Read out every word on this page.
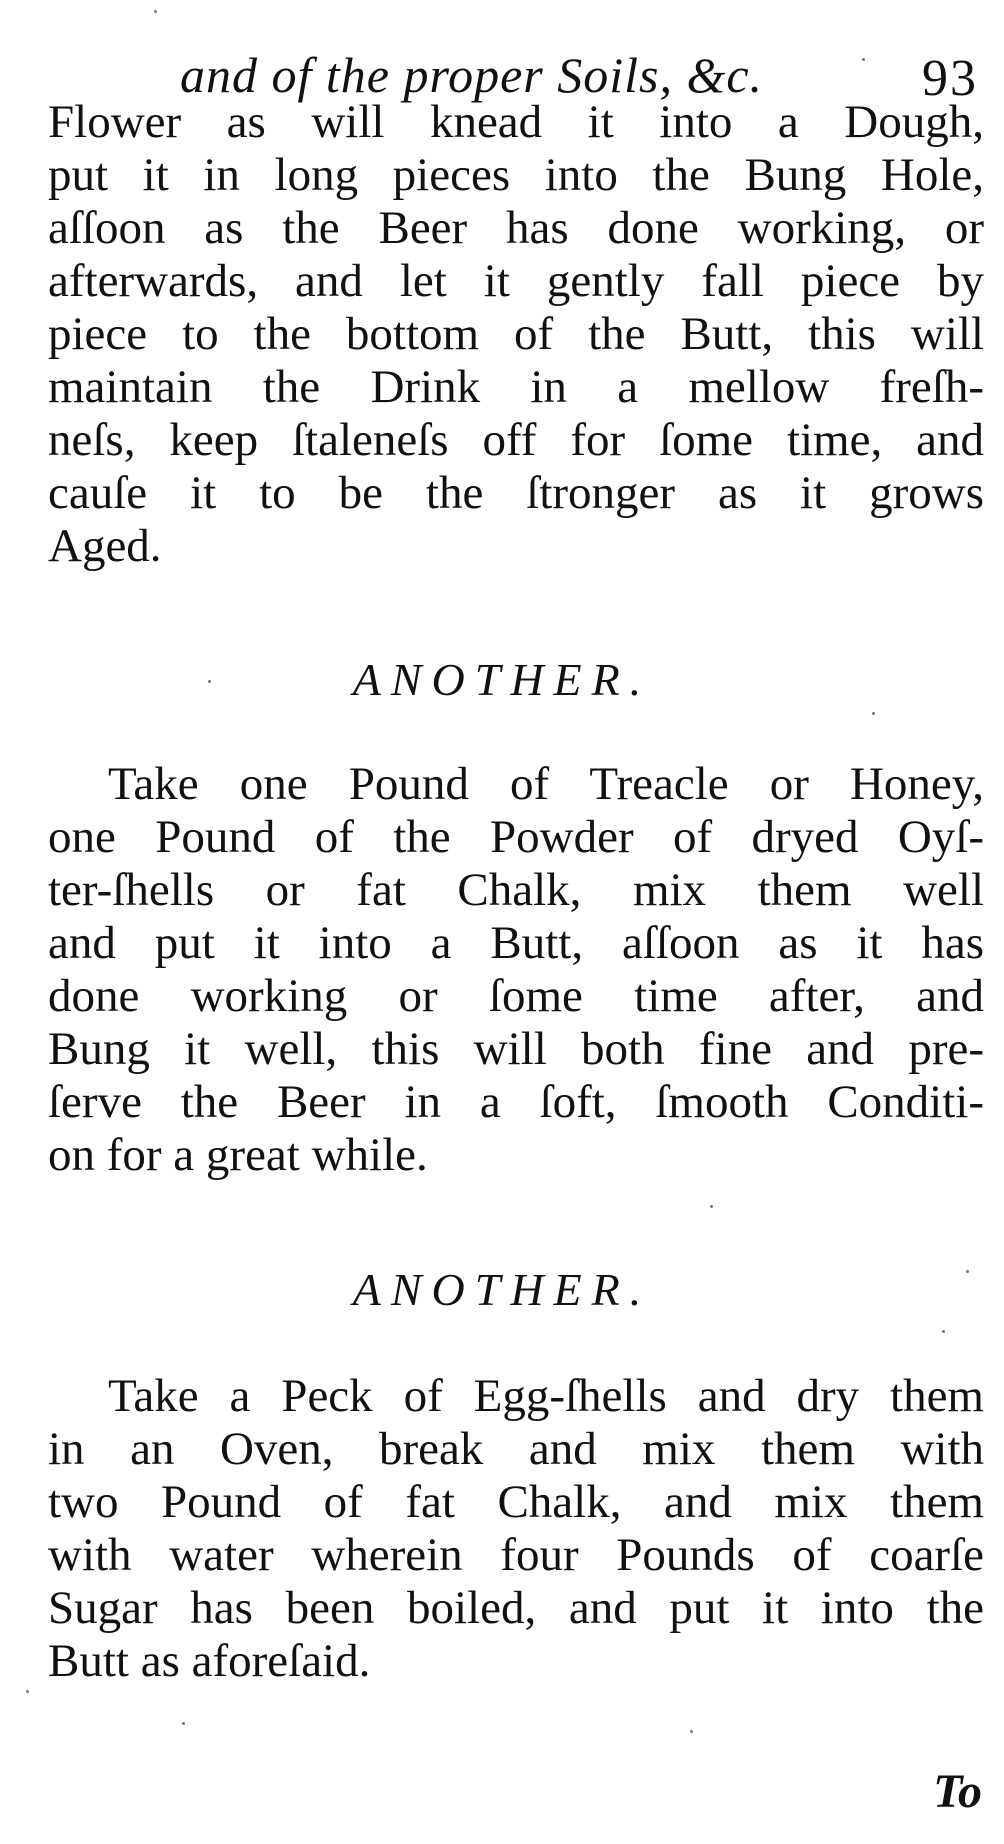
and of the proper Soils, &c.	93
Flower as will knead it into a Dough,
put it in long pieces into the Bung Hole,
aſſoon as the Beer has done working, or
afterwards, and let it gently fall piece by
piece to the bottom of the Butt, this will
maintain the Drink in a mellow freſh-
neſs, keep ſtaleneſs off for ſome time, and
cauſe it to be the ſtronger as it grows
Aged.
ANOTHER.
Take one Pound of Treacle or Honey,
one Pound of the Powder of dryed Oyſ-
ter-ſhells or fat Chalk, mix them well
and put it into a Butt, aſſoon as it has
done working or ſome time after, and
Bung it well, this will both fine and pre-
ſerve the Beer in a ſoft, ſmooth Conditi-
on for a great while.
ANOTHER.
Take a Peck of Egg-ſhells and dry them
in an Oven, break and mix them with
two Pound of fat Chalk, and mix them
with water wherein four Pounds of coarſe
Sugar has been boiled, and put it into the
Butt as aforeſaid.
To
